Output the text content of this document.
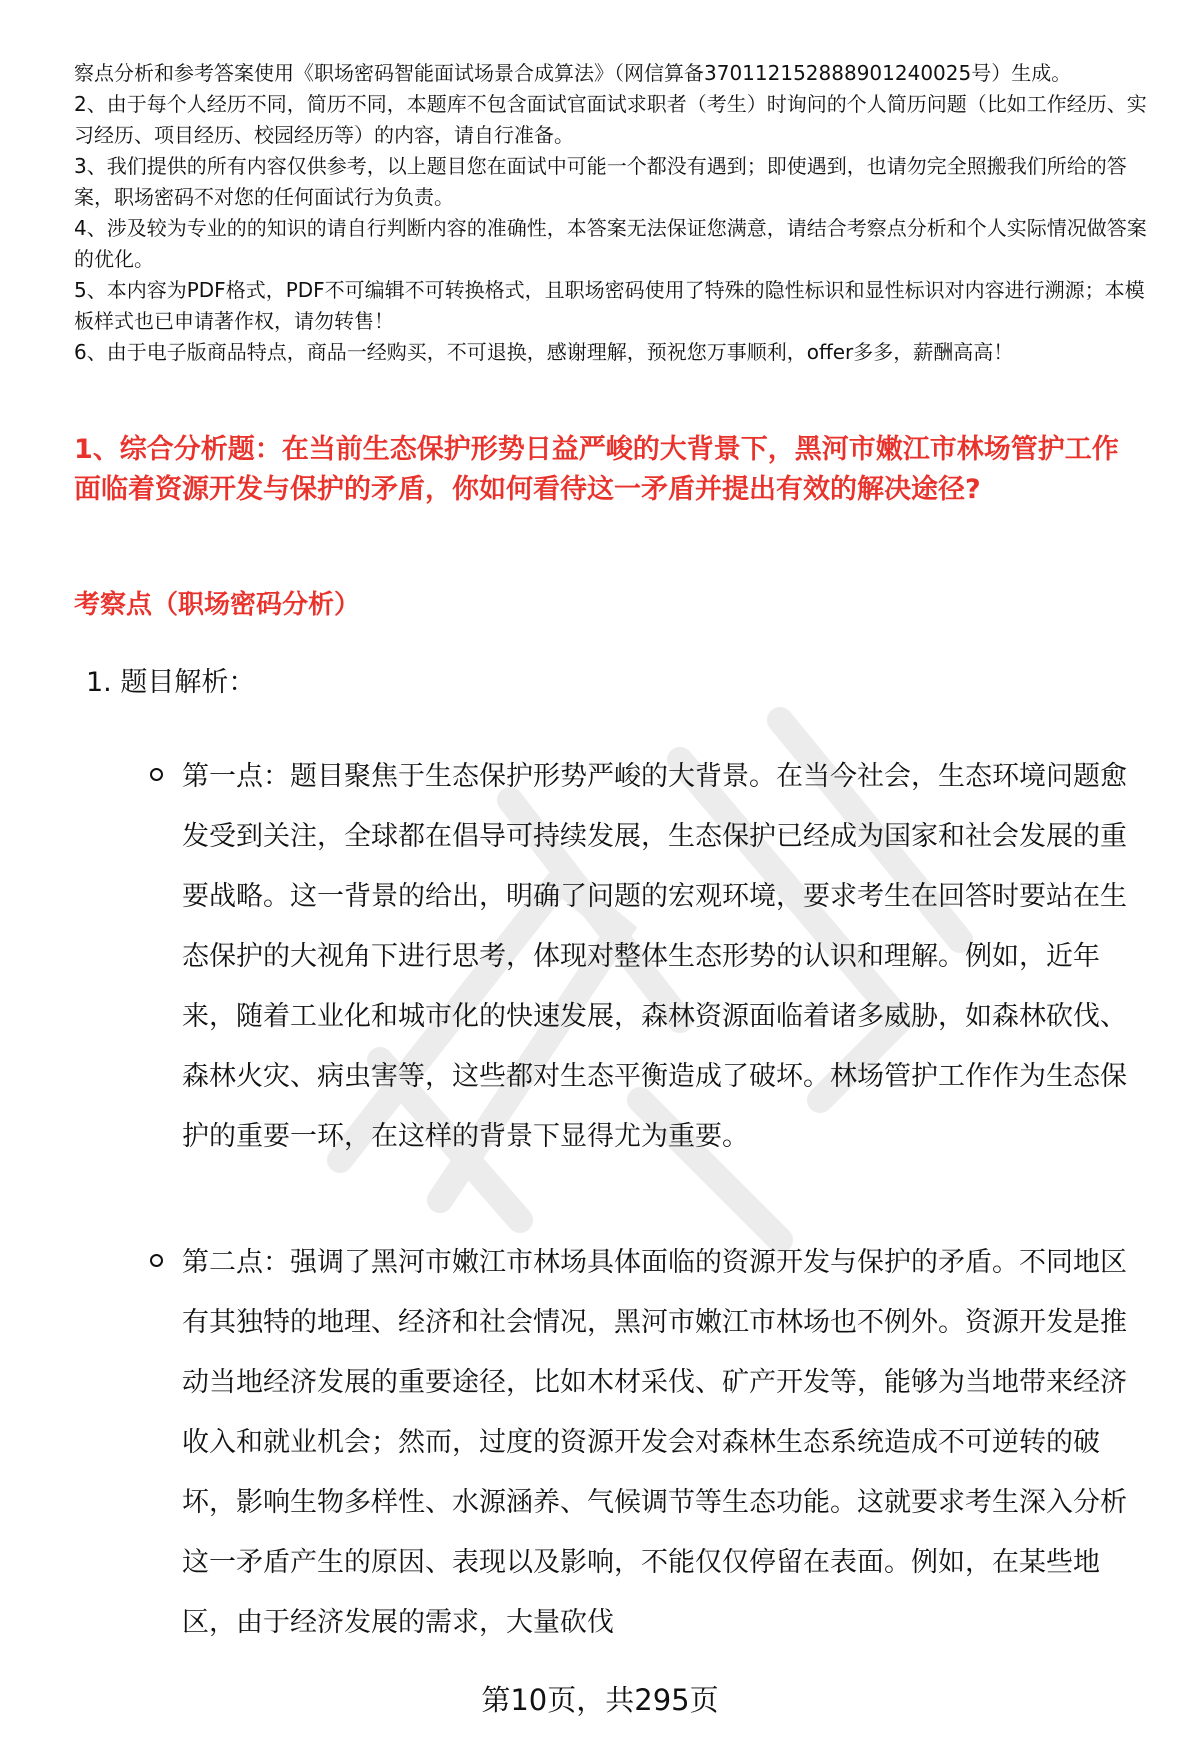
察点分析和参考答案使用《职场密码智能面试场景合成算法》（网信算备370112152888901240025号）生成。

2、由于每个人经历不同，简历不同，本题库不包含面试官面试求职者（考生）时询问的个人简历问题（比如工作经历、实习经历、项目经历、校园经历等）的内容，请自行准备。

3、我们提供的所有内容仅供参考，以上题目您在面试中可能一个都没有遇到；即使遇到，也请勿完全照搬我们所给的答案，职场密码不对您的任何面试行为负责。

4、涉及较为专业的的知识的请自行判断内容的准确性，本答案无法保证您满意，请结合考察点分析和个人实际情况做答案的优化。

5、本内容为PDF格式，PDF不可编辑不可转换格式，且职场密码使用了特殊的隐性标识和显性标识对内容进行溯源；本模板样式也已申请著作权，请勿转售！

6、由于电子版商品特点，商品一经购买，不可退换，感谢理解，预祝您万事顺利，offer多多，薪酬高高！

1、综合分析题：在当前生态保护形势日益严峻的大背景下，黑河市嫩江市林场管护工作面临着资源开发与保护的矛盾，你如何看待这一矛盾并提出有效的解决途径?
考察点（职场密码分析）
1. 题目解析：
第一点：题目聚焦于生态保护形势严峻的大背景。在当今社会，生态环境问题愈发受到关注，全球都在倡导可持续发展，生态保护已经成为国家和社会发展的重要战略。这一背景的给出，明确了问题的宏观环境，要求考生在回答时要站在生态保护的大视角下进行思考，体现对整体生态形势的认识和理解。例如，近年来，随着工业化和城市化的快速发展，森林资源面临着诸多威胁，如森林砍伐、森林火灾、病虫害等，这些都对生态平衡造成了破坏。林场管护工作作为生态保护的重要一环，在这样的背景下显得尤为重要。
第二点：强调了黑河市嫩江市林场具体面临的资源开发与保护的矛盾。不同地区有其独特的地理、经济和社会情况，黑河市嫩江市林场也不例外。资源开发是推动当地经济发展的重要途径，比如木材采伐、矿产开发等，能够为当地带来经济收入和就业机会；然而，过度的资源开发会对森林生态系统造成不可逆转的破坏，影响生物多样性、水源涵养、气候调节等生态功能。这就要求考生深入分析这一矛盾产生的原因、表现以及影响，不能仅仅停留在表面。例如，在某些地区，由于经济发展的需求，大量砍伐
第10页，共295页
